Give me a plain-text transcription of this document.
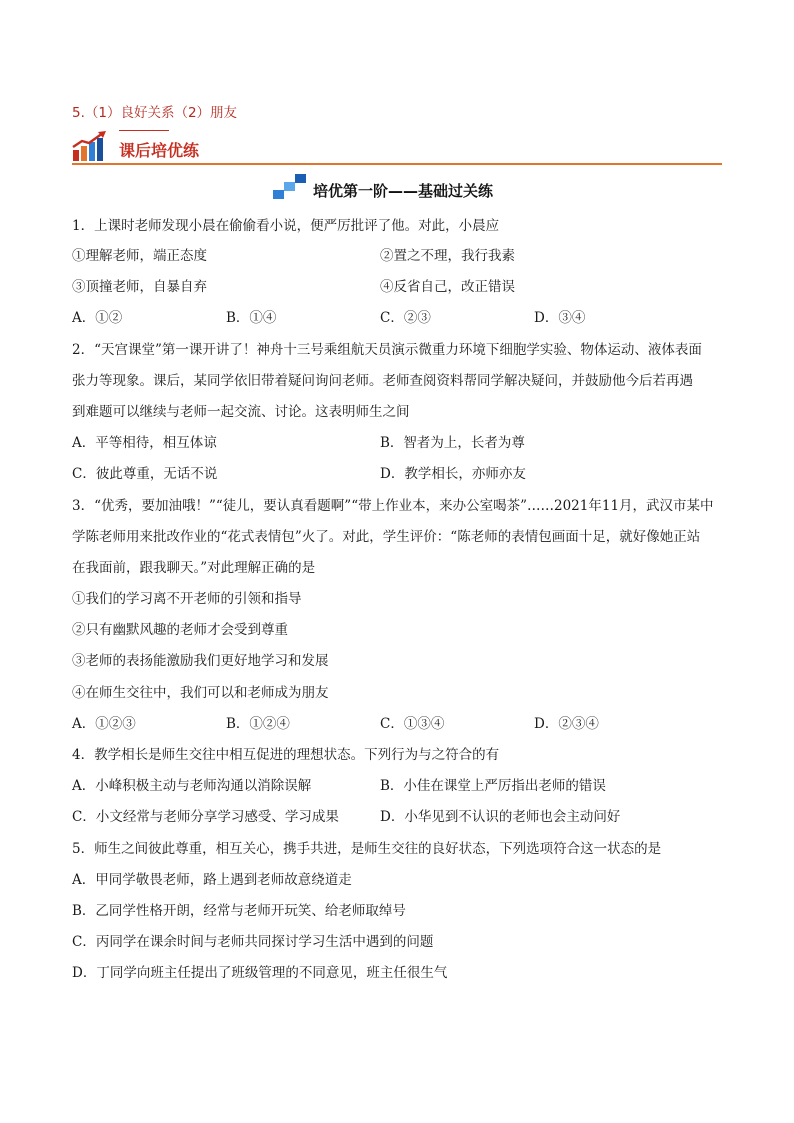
5.（1）良好关系（2）朋友
课后培优练
培优第一阶——基础过关练
1．上课时老师发现小晨在偷偷看小说，便严厉批评了他。对此，小晨应
①理解老师，端正态度	②置之不理，我行我素
③顶撞老师，自暴自弃	④反省自己，改正错误
A．①②	B．①④	C．②③	D．③④
2．“天宫课堂”第一课开讲了！神舟十三号乘组航天员演示微重力环境下细胞学实验、物体运动、液体表面
张力等现象。课后，某同学依旧带着疑问询问老师。老师查阅资料帮同学解决疑问，并鼓励他今后若再遇
到难题可以继续与老师一起交流、讨论。这表明师生之间
A．平等相待，相互体谅	B．智者为上，长者为尊
C．彼此尊重，无话不说	D．教学相长，亦师亦友
3．“优秀，要加油哦！”“徒儿，要认真看题啊”“带上作业本，来办公室喝茶”……2021年11月，武汉市某中
学陈老师用来批改作业的“花式表情包”火了。对此，学生评价：“陈老师的表情包画面十足，就好像她正站
在我面前，跟我聊天。”对此理解正确的是
①我们的学习离不开老师的引领和指导
②只有幽默风趣的老师才会受到尊重
③老师的表扬能激励我们更好地学习和发展
④在师生交往中，我们可以和老师成为朋友
A．①②③	B．①②④	C．①③④	D．②③④
4．教学相长是师生交往中相互促进的理想状态。下列行为与之符合的有
A．小峰积极主动与老师沟通以消除误解	B．小佳在课堂上严厉指出老师的错误
C．小文经常与老师分享学习感受、学习成果	D．小华见到不认识的老师也会主动问好
5．师生之间彼此尊重，相互关心，携手共进，是师生交往的良好状态，下列选项符合这一状态的是
A．甲同学敬畏老师，路上遇到老师故意绕道走
B．乙同学性格开朗，经常与老师开玩笑、给老师取绰号
C．丙同学在课余时间与老师共同探讨学习生活中遇到的问题
D．丁同学向班主任提出了班级管理的不同意见，班主任很生气
